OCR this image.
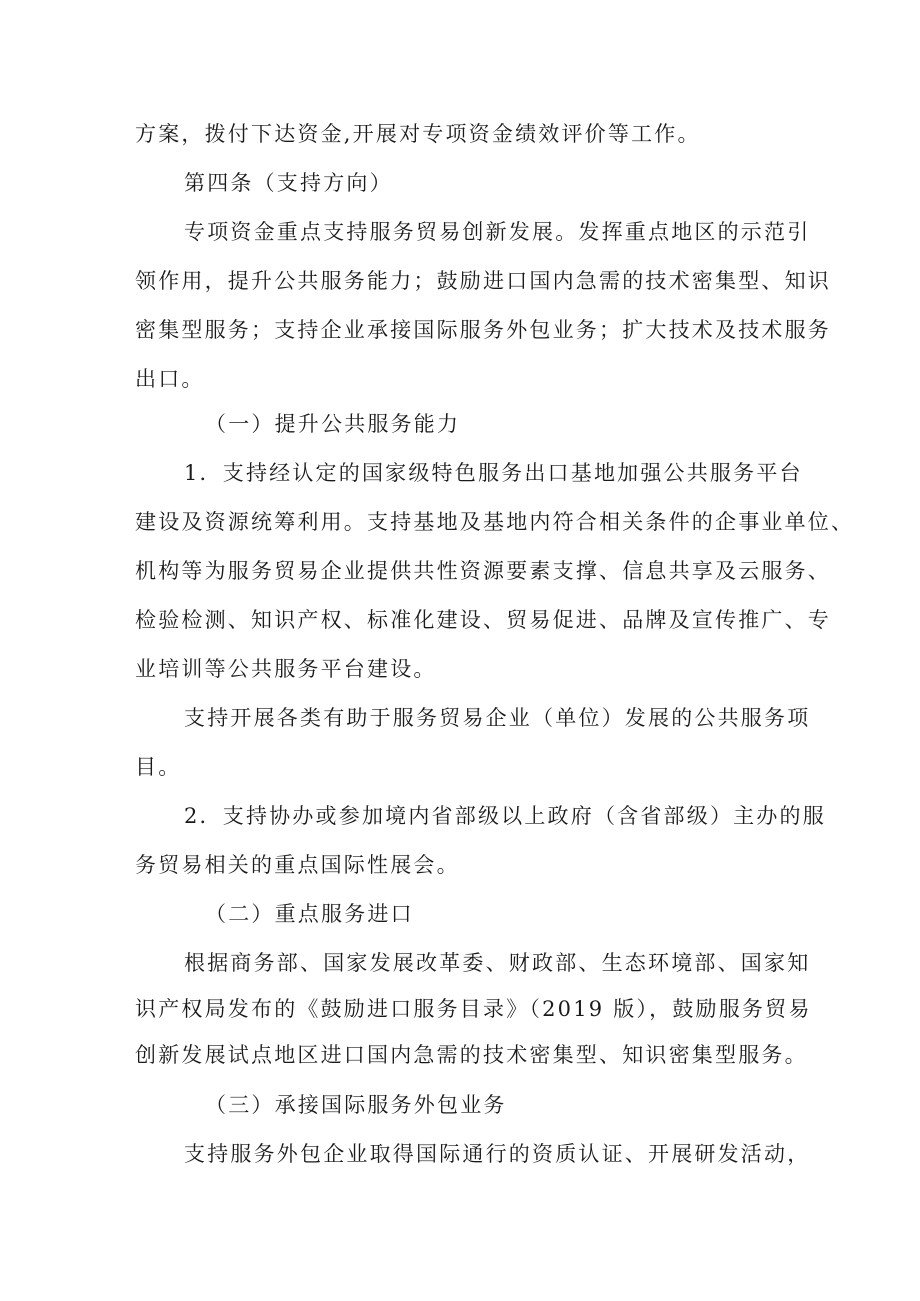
方案，拨付下达资金,开展对专项资金绩效评价等工作。
第四条（支持方向）
专项资金重点支持服务贸易创新发展。发挥重点地区的示范引
领作用，提升公共服务能力；鼓励进口国内急需的技术密集型、知识
密集型服务；支持企业承接国际服务外包业务；扩大技术及技术服务
出口。
（一）提升公共服务能力
1．支持经认定的国家级特色服务出口基地加强公共服务平台
建设及资源统筹利用。支持基地及基地内符合相关条件的企事业单位、
机构等为服务贸易企业提供共性资源要素支撑、信息共享及云服务、
检验检测、知识产权、标准化建设、贸易促进、品牌及宣传推广、专
业培训等公共服务平台建设。
支持开展各类有助于服务贸易企业（单位）发展的公共服务项
目。
2．支持协办或参加境内省部级以上政府（含省部级）主办的服
务贸易相关的重点国际性展会。
（二）重点服务进口
根据商务部、国家发展改革委、财政部、生态环境部、国家知
识产权局发布的《鼓励进口服务目录》（2019 版），鼓励服务贸易
创新发展试点地区进口国内急需的技术密集型、知识密集型服务。
（三）承接国际服务外包业务
支持服务外包企业取得国际通行的资质认证、开展研发活动，
